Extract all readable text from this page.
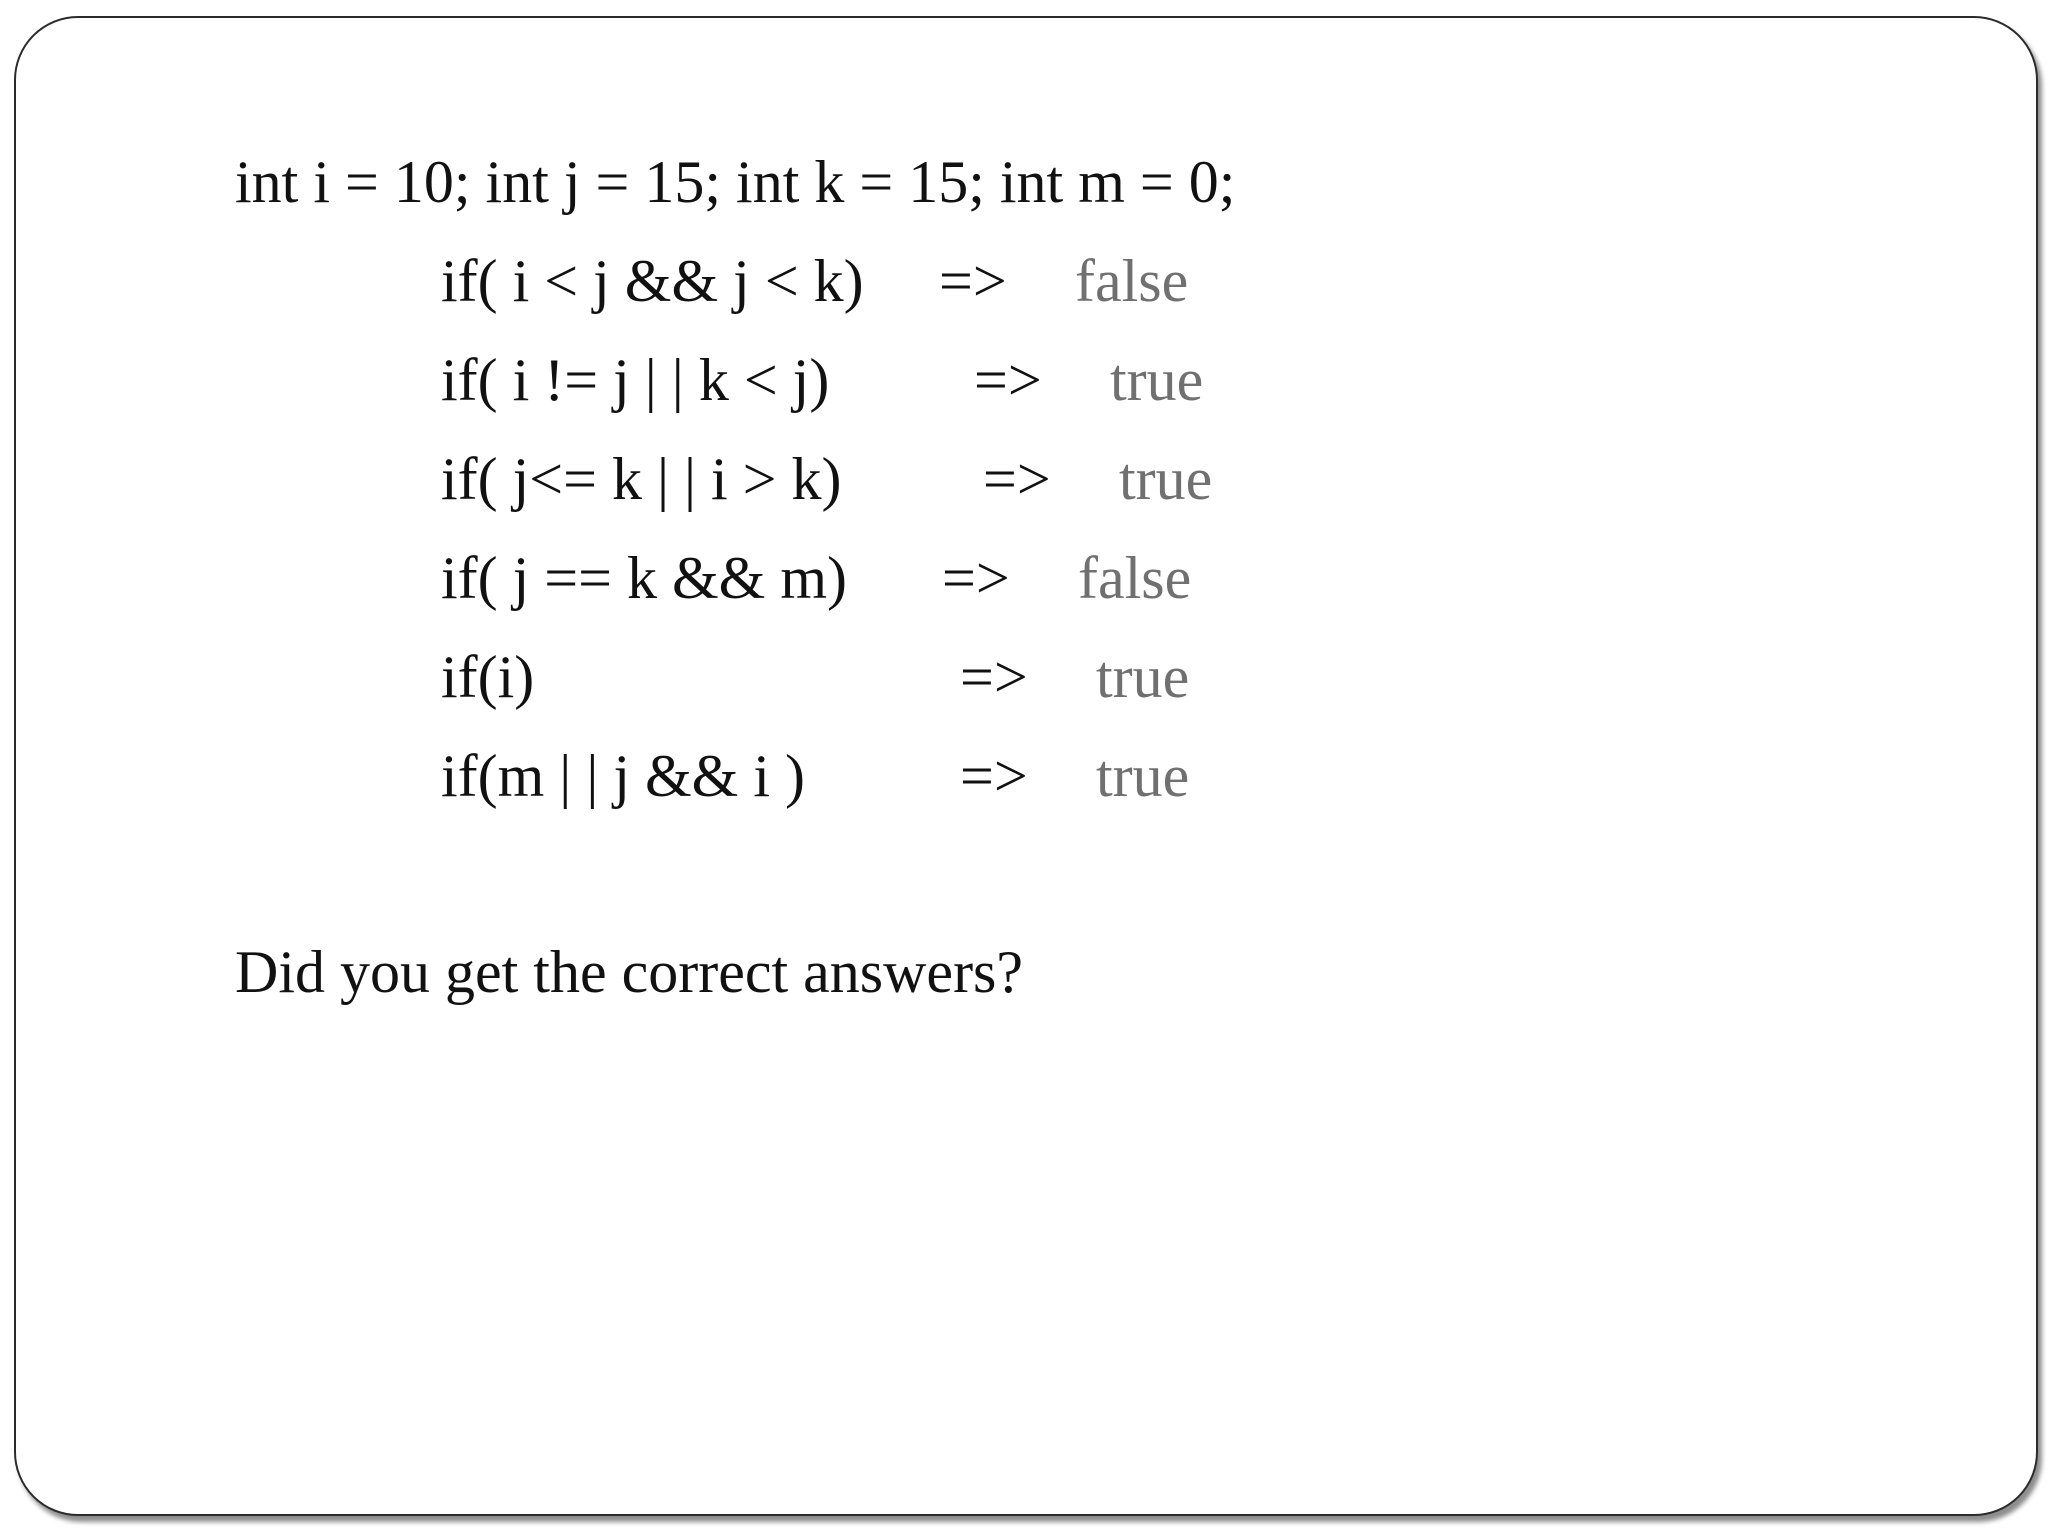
int i = 10; int j = 15; int k = 15; int m = 0;
if( i < j && j < k) => false
if( i != j | | k < j) => true
if( j<= k | | i > k) => true
if( j == k && m) => false
if(i)	=> true
if(m | | j && i )	=> true
Did you get the correct answers?
